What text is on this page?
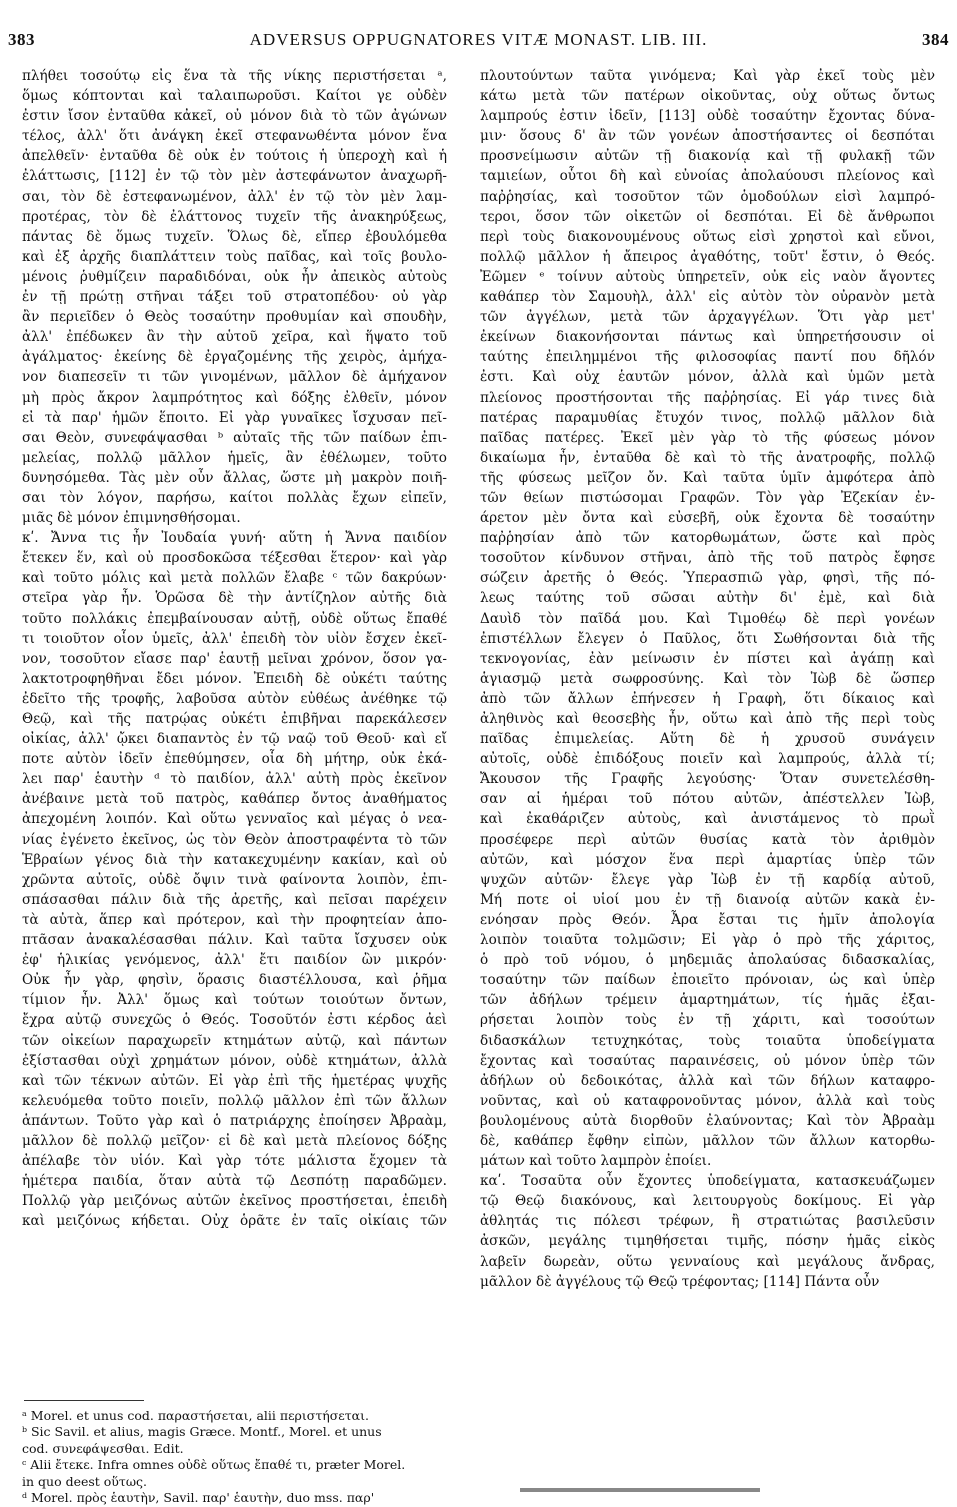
383	ADVERSUS OPPUGNATORES VITÆ MONAST. LIB. III.	384
πλήθει τοσούτῳ εἰς ἕνα τὰ τῆς νίκης περιστήσεται ᵃ,
ὅμως κόπτονται καὶ ταλαιπωροῦσι. Καίτοι γε οὐδὲν
ἐστιν ἴσον ἐνταῦθα κἀκεῖ, οὐ μόνον διὰ τὸ τῶν ἀγώνων
τέλος, ἀλλ' ὅτι ἀνάγκη ἐκεῖ στεφανωθέντα μόνον ἕνα
ἀπελθεῖν· ἐνταῦθα δὲ οὐκ ἐν τούτοις ἡ ὑπεροχὴ καὶ ἡ
ἐλάττωσις, [112] ἐν τῷ τὸν μὲν ἀστεφάνωτον ἀναχωρῆ-
σαι, τὸν δὲ ἐστεφανωμένον, ἀλλ' ἐν τῷ τὸν μὲν λαμ-
προτέρας, τὸν δὲ ἐλάττονος τυχεῖν τῆς ἀνακηρύξεως,
πάντας δὲ ὅμως τυχεῖν. Ὅλως δὲ, εἴπερ ἐβουλόμεθα
καὶ ἐξ ἀρχῆς διαπλάττειν τοὺς παῖδας, καὶ τοῖς βουλο-
μένοις ῥυθμίζειν παραδιδόναι, οὐκ ἦν ἀπεικὸς αὐτοὺς
ἐν τῇ πρώτῃ στῆναι τάξει τοῦ στρατοπέδου· οὐ γὰρ
ἂν περιεῖδεν ὁ Θεὸς τοσαύτην προθυμίαν καὶ σπουδὴν,
ἀλλ' ἐπέδωκεν ἂν τὴν αὑτοῦ χεῖρα, καὶ ἥψατο τοῦ
ἀγάλματος· ἐκείνης δὲ ἐργαζομένης τῆς χειρὸς, ἀμήχα-
νον διαπεσεῖν τι τῶν γινομένων, μᾶλλον δὲ ἀμήχανον
μὴ πρὸς ἄκρον λαμπρότητος καὶ δόξης ἐλθεῖν, μόνον
εἰ τὰ παρ' ἡμῶν ἕποιτο. Εἰ γὰρ γυναῖκες ἴσχυσαν πεῖ-
σαι Θεὸν, συνεφάψασθαι ᵇ αὐταῖς τῆς τῶν παίδων ἐπι-
μελείας, πολλῷ μᾶλλον ἡμεῖς, ἂν ἐθέλωμεν, τοῦτο
δυνησόμεθα. Τὰς μὲν οὖν ἄλλας, ὥστε μὴ μακρὸν ποιῆ-
σαι τὸν λόγον, παρήσω, καίτοι πολλὰς ἔχων εἰπεῖν,
μιᾶς δὲ μόνον ἐπιμνησθήσομαι.
κʹ. Ἄννα τις ἦν Ἰουδαία γυνή· αὕτη ἡ Ἄννα παιδίον
ἔτεκεν ἕν, καὶ οὐ προσδοκῶσα τέξεσθαι ἕτερον· καὶ γὰρ
καὶ τοῦτο μόλις καὶ μετὰ πολλῶν ἔλαβε ᶜ τῶν δακρύων·
στεῖρα γὰρ ἦν. Ὁρῶσα δὲ τὴν ἀντίζηλον αὐτῆς διὰ
τοῦτο πολλάκις ἐπεμβαίνουσαν αὐτῇ, οὐδὲ οὕτως ἔπαθέ
τι τοιοῦτον οἷον ὑμεῖς, ἀλλ' ἐπειδὴ τὸν υἱὸν ἔσχεν ἐκεῖ-
νον, τοσοῦτον εἴασε παρ' ἑαυτῇ μεῖναι χρόνον, ὅσον γα-
λακτοτροφηθῆναι ἔδει μόνον. Ἐπειδὴ δὲ οὐκέτι ταύτης
ἐδεῖτο τῆς τροφῆς, λαβοῦσα αὐτὸν εὐθέως ἀνέθηκε τῷ
Θεῷ, καὶ τῆς πατρῴας οὐκέτι ἐπιβῆναι παρεκάλεσεν
οἰκίας, ἀλλ' ᾤκει διαπαντὸς ἐν τῷ ναῷ τοῦ Θεοῦ· καὶ εἴ
ποτε αὐτὸν ἰδεῖν ἐπεθύμησεν, οἷα δὴ μήτηρ, οὐκ ἐκά-
λει παρ' ἑαυτὴν ᵈ τὸ παιδίον, ἀλλ' αὐτὴ πρὸς ἐκεῖνον
ἀνέβαινε μετὰ τοῦ πατρὸς, καθάπερ ὄντος ἀναθήματος
ἀπεχομένη λοιπόν. Καὶ οὕτω γενναῖος καὶ μέγας ὁ νεα-
νίας ἐγένετο ἐκεῖνος, ὡς τὸν Θεὸν ἀποστραφέντα τὸ τῶν
Ἑβραίων γένος διὰ τὴν κατακεχυμένην κακίαν, καὶ οὐ
χρῶντα αὐτοῖς, οὐδὲ ὄψιν τινὰ φαίνοντα λοιπὸν, ἐπι-
σπάσασθαι πάλιν διὰ τῆς ἀρετῆς, καὶ πεῖσαι παρέχειν
τὰ αὐτὰ, ἅπερ καὶ πρότερον, καὶ τὴν προφητείαν ἀπο-
πτᾶσαν ἀνακαλέσασθαι πάλιν. Καὶ ταῦτα ἴσχυσεν οὐκ
ἐφ' ἡλικίας γενόμενος, ἀλλ' ἔτι παιδίον ὢν μικρόν·
Οὐκ ἦν γὰρ, φησὶν, ὅρασις διαστέλλουσα, καὶ ῥῆμα
τίμιον ἦν. Ἀλλ' ὅμως καὶ τούτων τοιούτων ὄντων,
ἔχρα αὐτῷ συνεχῶς ὁ Θεός. Τοσοῦτόν ἐστι κέρδος ἀεὶ
τῶν οἰκείων παραχωρεῖν κτημάτων αὐτῷ, καὶ πάντων
ἐξίστασθαι οὐχὶ χρημάτων μόνον, οὐδὲ κτημάτων, ἀλλὰ
καὶ τῶν τέκνων αὐτῶν. Εἰ γὰρ ἐπὶ τῆς ἡμετέρας ψυχῆς
κελευόμεθα τοῦτο ποιεῖν, πολλῷ μᾶλλον ἐπὶ τῶν ἄλλων
ἁπάντων. Τοῦτο γὰρ καὶ ὁ πατριάρχης ἐποίησεν Ἀβραὰμ,
μᾶλλον δὲ πολλῷ μεῖζον· εἰ δὲ καὶ μετὰ πλείονος δόξης
ἀπέλαβε τὸν υἱόν. Καὶ γὰρ τότε μάλιστα ἔχομεν τὰ
ἡμέτερα παιδία, ὅταν αὐτὰ τῷ Δεσπότῃ παραδῶμεν.
Πολλῷ γὰρ μειζόνως αὐτῶν ἐκεῖνος προστήσεται, ἐπειδὴ
καὶ μειζόνως κήδεται. Οὐχ ὁρᾶτε ἐν ταῖς οἰκίαις τῶν
πλουτούντων ταῦτα γινόμενα; Καὶ γὰρ ἐκεῖ τοὺς μὲν
κάτω μετὰ τῶν πατέρων οἰκοῦντας, οὐχ οὕτως ὄντως
λαμπρούς ἐστιν ἰδεῖν, [113] οὐδὲ τοσαύτην ἔχοντας δύνα-
μιν· ὅσους δ' ἂν τῶν γονέων ἀποστήσαντες οἱ δεσπόται
προσνείμωσιν αὐτῶν τῇ διακονίᾳ καὶ τῇ φυλακῇ τῶν
ταμιείων, οὗτοι δὴ καὶ εὐνοίας ἀπολαύουσι πλείονος καὶ
παῤῥησίας, καὶ τοσοῦτον τῶν ὁμοδούλων εἰσὶ λαμπρό-
τεροι, ὅσον τῶν οἰκετῶν οἱ δεσπόται. Εἰ δὲ ἄνθρωποι
περὶ τοὺς διακονουμένους οὕτως εἰσὶ χρηστοὶ καὶ εὔνοι,
πολλῷ μᾶλλον ἡ ἄπειρος ἀγαθότης, τοῦτ' ἔστιν, ὁ Θεός.
Ἐῶμεν ᵉ τοίνυν αὐτοὺς ὑπηρετεῖν, οὐκ εἰς ναὸν ἄγοντες
καθάπερ τὸν Σαμουὴλ, ἀλλ' εἰς αὐτὸν τὸν οὐρανὸν μετὰ
τῶν ἀγγέλων, μετὰ τῶν ἀρχαγγέλων. Ὅτι γὰρ μετ'
ἐκείνων διακονήσονται πάντως καὶ ὑπηρετήσουσιν οἱ
ταύτης ἐπειλημμένοι τῆς φιλοσοφίας παντί που δῆλόν
ἐστι. Καὶ οὐχ ἑαυτῶν μόνον, ἀλλὰ καὶ ὑμῶν μετὰ
πλείονος προστήσονται τῆς παῤῥησίας. Εἰ γάρ τινες διὰ
πατέρας παραμυθίας ἔτυχόν τινος, πολλῷ μᾶλλον διὰ
παῖδας πατέρες. Ἐκεῖ μὲν γὰρ τὸ τῆς φύσεως μόνον
δικαίωμα ἦν, ἐνταῦθα δὲ καὶ τὸ τῆς ἀνατροφῆς, πολλῷ
τῆς φύσεως μεῖζον ὄν. Καὶ ταῦτα ὑμῖν ἀμφότερα ἀπὸ
τῶν θείων πιστώσομαι Γραφῶν. Τὸν γὰρ Ἐζεκίαν ἐν-
άρετον μὲν ὄντα καὶ εὐσεβῆ, οὐκ ἔχοντα δὲ τοσαύτην
παῤῥησίαν ἀπὸ τῶν κατορθωμάτων, ὥστε καὶ πρὸς
τοσοῦτον κίνδυνον στῆναι, ἀπὸ τῆς τοῦ πατρὸς ἔφησε
σώζειν ἀρετῆς ὁ Θεός. Ὑπερασπιῶ γὰρ, φησὶ, τῆς πό-
λεως ταύτης τοῦ σῶσαι αὐτὴν δι' ἐμὲ, καὶ διὰ
Δαυὶδ τὸν παῖδά μου. Καὶ Τιμοθέῳ δὲ περὶ γονέων
ἐπιστέλλων ἔλεγεν ὁ Παῦλος, ὅτι Σωθήσονται διὰ τῆς
τεκνογονίας, ἐὰν μείνωσιν ἐν πίστει καὶ ἀγάπῃ καὶ
ἁγιασμῷ μετὰ σωφροσύνης. Καὶ τὸν Ἰὼβ δὲ ὥσπερ
ἀπὸ τῶν ἄλλων ἐπήνεσεν ἡ Γραφὴ, ὅτι δίκαιος καὶ
ἀληθινὸς καὶ θεοσεβὴς ἦν, οὕτω καὶ ἀπὸ τῆς περὶ τοὺς
παῖδας ἐπιμελείας. Αὕτη δὲ ἡ χρυσοῦ συνάγειν
αὐτοῖς, οὐδὲ ἐπιδόξους ποιεῖν καὶ λαμπρούς, ἀλλὰ τί;
Ἄκουσον τῆς Γραφῆς λεγούσης· Ὅταν συνετελέσθη-
σαν αἱ ἡμέραι τοῦ πότου αὐτῶν, ἀπέστελλεν Ἰὼβ,
καὶ ἐκαθάριζεν αὐτοὺς, καὶ ἀνιστάμενος τὸ πρωῒ
προσέφερε περὶ αὐτῶν θυσίας κατὰ τὸν ἀριθμὸν
αὐτῶν, καὶ μόσχον ἕνα περὶ ἁμαρτίας ὑπὲρ τῶν
ψυχῶν αὐτῶν· ἔλεγε γὰρ Ἰὼβ ἐν τῇ καρδίᾳ αὐτοῦ,
Μή ποτε οἱ υἱοί μου ἐν τῇ διανοίᾳ αὐτῶν κακὰ ἐν-
ενόησαν πρὸς Θεόν. Ἆρα ἔσται τις ἡμῖν ἀπολογία
λοιπὸν τοιαῦτα τολμῶσιν; Εἰ γὰρ ὁ πρὸ τῆς χάριτος,
ὁ πρὸ τοῦ νόμου, ὁ μηδεμιᾶς ἀπολαύσας διδασκαλίας,
τοσαύτην τῶν παίδων ἐποιεῖτο πρόνοιαν, ὡς καὶ ὑπὲρ
τῶν ἀδήλων τρέμειν ἁμαρτημάτων, τίς ἡμᾶς ἐξαι-
ρήσεται λοιπὸν τοὺς ἐν τῇ χάριτι, καὶ τοσούτων
διδασκάλων τετυχηκότας, τοὺς τοιαῦτα ὑποδείγματα
ἔχοντας καὶ τοσαύτας παραινέσεις, οὐ μόνον ὑπὲρ τῶν
ἀδήλων οὐ δεδοικότας, ἀλλὰ καὶ τῶν δήλων καταφρο-
νοῦντας, καὶ οὐ καταφρονοῦντας μόνον, ἀλλὰ καὶ τοὺς
βουλομένους αὐτὰ διορθοῦν ἐλαύνοντας; Καὶ τὸν Ἀβραὰμ
δὲ, καθάπερ ἔφθην εἰπὼν, μᾶλλον τῶν ἄλλων κατορθω-
μάτων καὶ τοῦτο λαμπρὸν ἐποίει.
καʹ. Τοσαῦτα οὖν ἔχοντες ὑποδείγματα, κατασκευάζωμεν
τῷ Θεῷ διακόνους, καὶ λειτουργοὺς δοκίμους. Εἰ γὰρ
ἀθλητάς τις πόλεσι τρέφων, ἢ στρατιώτας βασιλεῦσιν
ἀσκῶν, μεγάλης τιμηθήσεται τιμῆς, πόσην ἡμᾶς εἰκὸς
λαβεῖν δωρεὰν, οὕτω γενναίους καὶ μεγάλους ἄνδρας,
μᾶλλον δὲ ἀγγέλους τῷ Θεῷ τρέφοντας; [114] Πάντα οὖν
ᵃ Morel. et unus cod. παραστήσεται, alii περιστήσεται.
ᵇ Sic Savil. et alius, magis Græce. Montf., Morel. et unus
cod. συνεφάψεσθαι. Edit.
ᶜ Alii ἔτεκε. Infra omnes οὐδὲ οὕτως ἔπαθέ τι, præter Morel.
in quo deest οὕτως.
ᵈ Morel. πρὸς ἑαυτὴν, Savil. παρ' ἑαυτὴν, duo mss. παρ'
